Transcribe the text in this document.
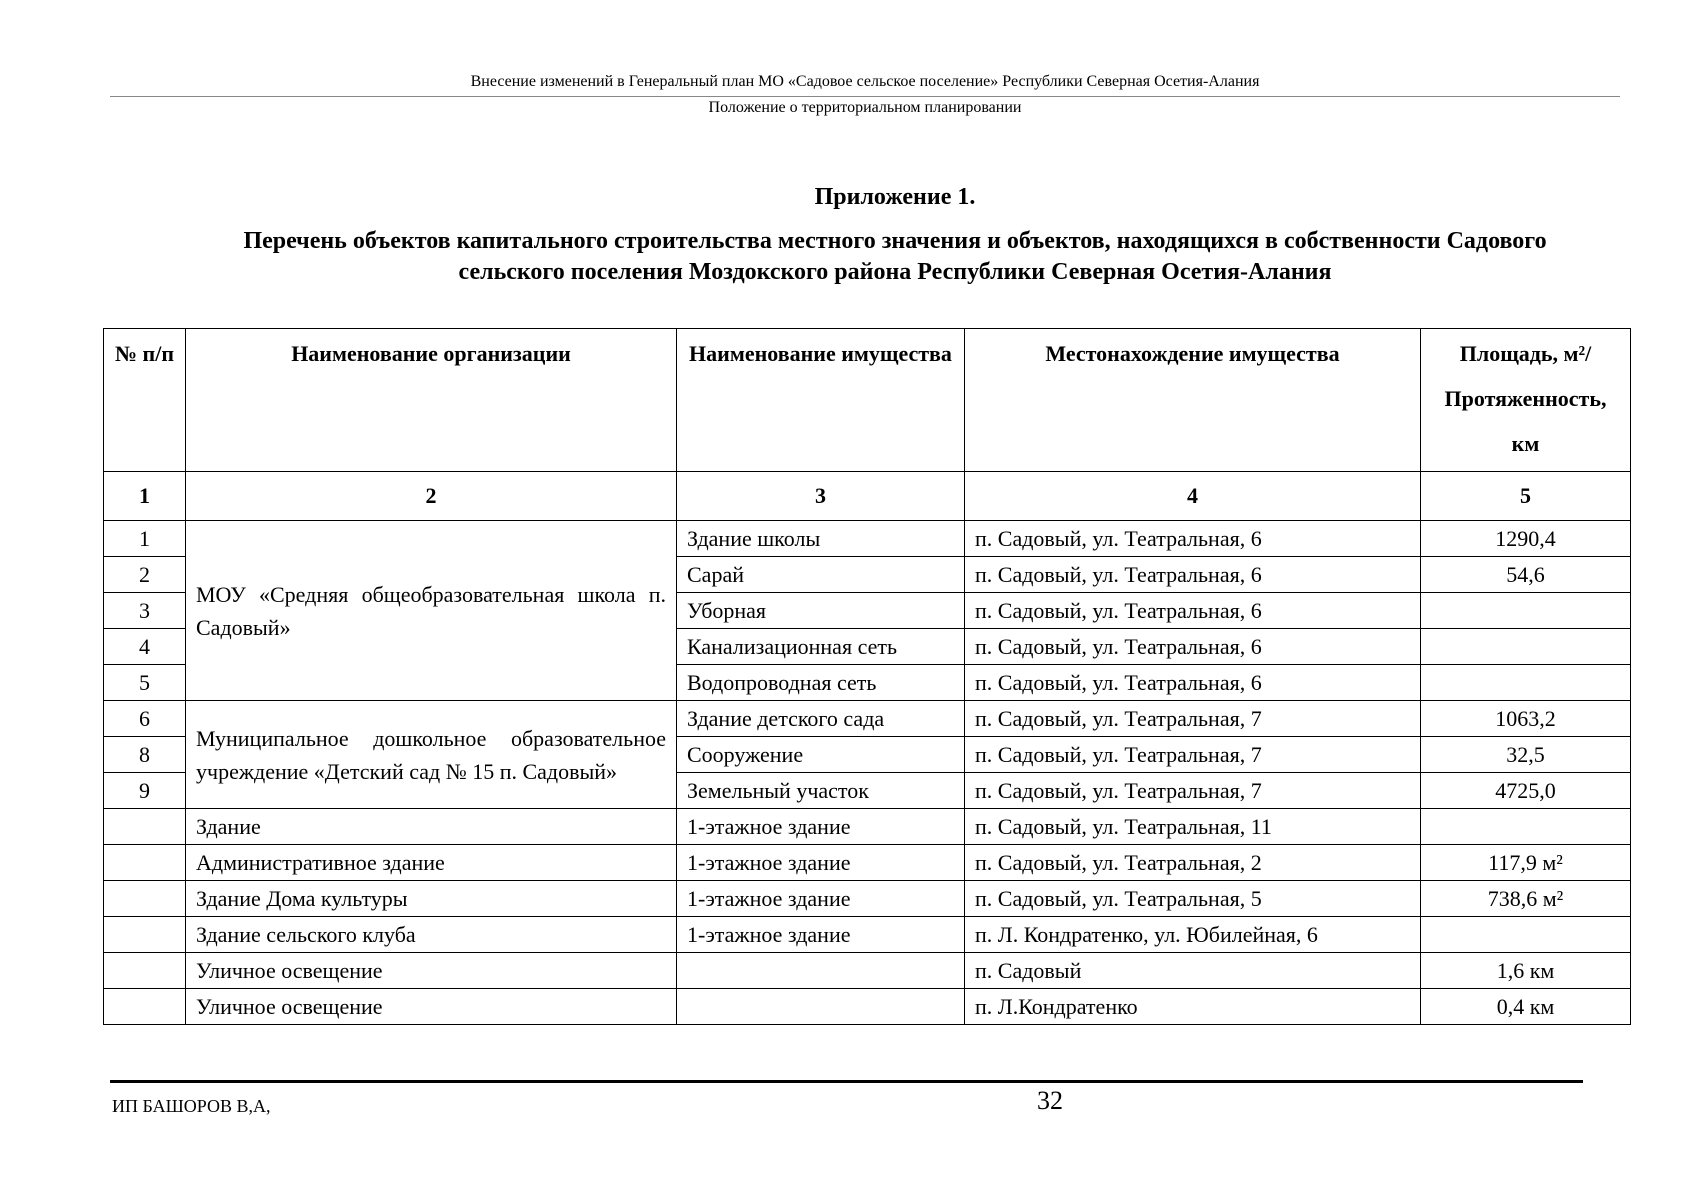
Внесение изменений в Генеральный план МО «Садовое сельское поселение» Республики Северная Осетия-Алания
Положение о территориальном планировании
Приложение 1.
Перечень объектов капитального строительства местного значения и объектов, находящихся в собственности Садового сельского поселения Моздокского района Республики Северная Осетия-Алания
№ п/п	Наименование организации	Наименование имущества	Местонахождение имущества	Площадь, м²/ Протяженность, км
1	2	3	4	5

1	МОУ «Средняя общеобразовательная школа п. Садовый»	Здание школы	п. Садовый, ул. Театральная, 6	1290,4
2		Сарай	п. Садовый, ул. Театральная, 6	54,6
3		Уборная	п. Садовый, ул. Театральная, 6	
4		Канализационная сеть	п. Садовый, ул. Театральная, 6	
5		Водопроводная сеть	п. Садовый, ул. Театральная, 6	
6	Муниципальное дошкольное образовательное учреждение «Детский сад № 15 п. Садовый»	Здание детского сада	п. Садовый, ул. Театральная, 7	1063,2
8		Сооружение	п. Садовый, ул. Театральная, 7	32,5
9		Земельный участок	п. Садовый, ул. Театральная, 7	4725,0
	Здание	1-этажное здание	п. Садовый, ул. Театральная, 11	
	Административное здание	1-этажное здание	п. Садовый, ул. Театральная, 2	117,9 м²
	Здание Дома культуры	1-этажное здание	п. Садовый, ул. Театральная, 5	738,6 м²
	Здание сельского клуба	1-этажное здание	п. Л. Кондратенко, ул. Юбилейная, 6	
	Уличное освещение		п. Садовый	1,6 км
	Уличное освещение		п. Л.Кондратенко	0,4 км
ИП БАШОРОВ В,А,	32
